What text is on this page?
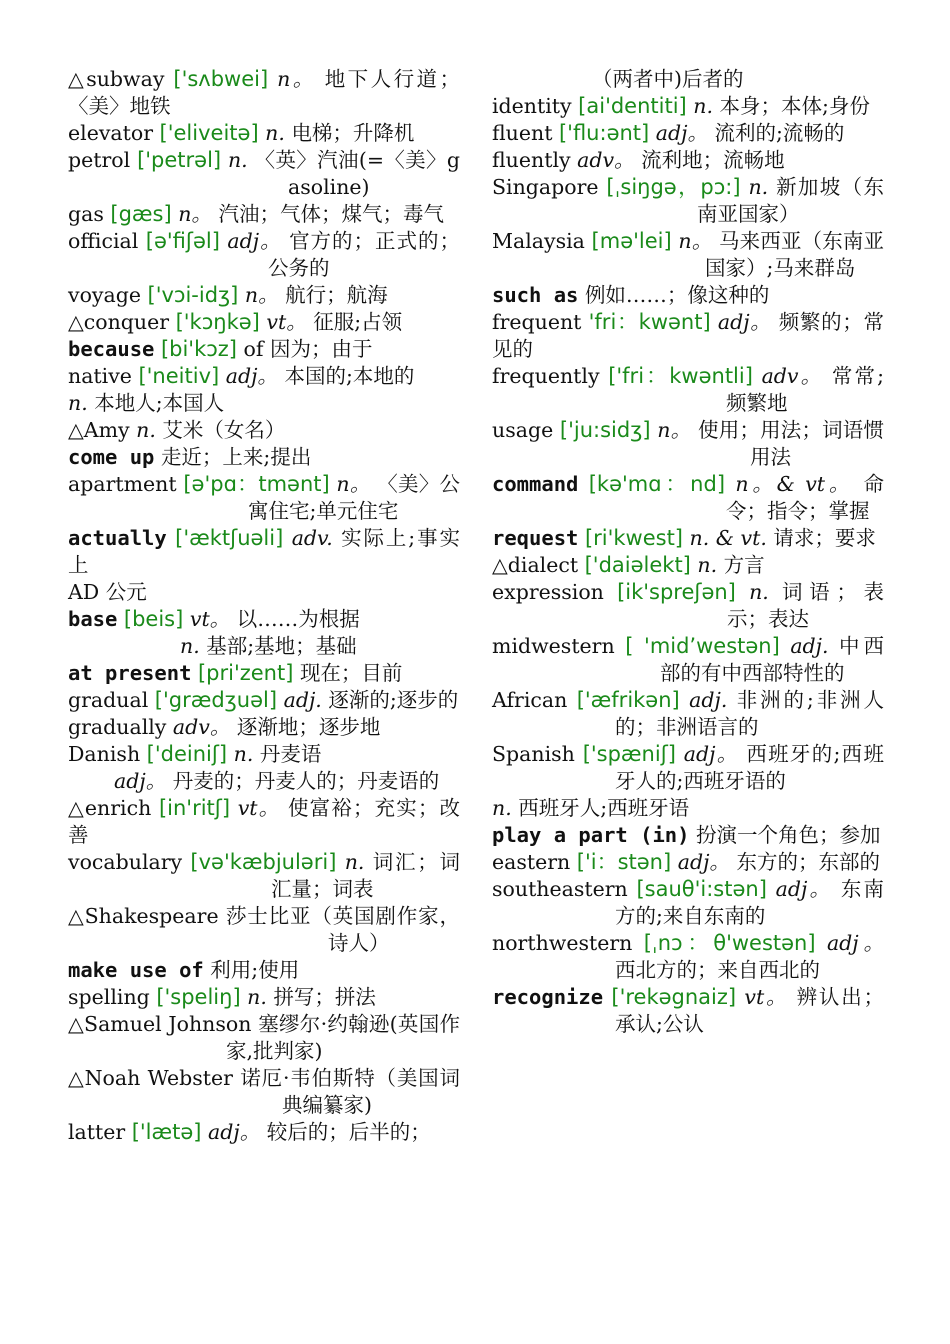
△subway ['sʌbwei] n。 地下人行道；〈美〉地铁

elevator ['eliveitə] n. 电梯；升降机

petrol ['petrəl] n. 〈英〉汽油(=〈美〉gasoline)

gas [gæs] n。 汽油；气体；煤气；毒气

official [ə'fiʃəl] adj。 官方的；正式的；公务的

voyage ['vɔi-idʒ] n。 航行；航海

△conquer ['kɔŋkə] vt。 征服;占领

because [bi'kɔz] of 因为；由于

native ['neitiv] adj。 本国的;本地的

n. 本地人;本国人

△Amy n. 艾米（女名）

come up 走近；上来;提出

apartment [ə'pɑ：tmənt] n。 〈美〉公寓住宅;单元住宅

actually ['æktʃuəli] adv. 实际上;事实上

AD 公元

base [beis] vt。 以……为根据

n. 基部;基地；基础

at present [pri'zent] 现在；目前

gradual ['grædʒuəl] adj. 逐渐的;逐步的

gradually adv。 逐渐地；逐步地

Danish ['deiniʃ] n. 丹麦语

adj。 丹麦的；丹麦人的；丹麦语的

△enrich [in'ritʃ] vt。 使富裕；充实；改善

vocabulary [və'kæbjuləri] n. 词汇；词汇量；词表

△Shakespeare 莎士比亚（英国剧作家，诗人）

make use of 利用;使用

spelling ['speliŋ] n. 拼写；拼法

△Samuel Johnson 塞缪尔·约翰逊(英国作家,批判家)

△Noah Webster 诺厄·韦伯斯特（美国词典编纂家)

latter ['lætə] adj。 较后的；后半的；

（两者中)后者的

identity [ai'dentiti] n. 本身；本体;身份

fluent ['flu:ənt] adj。 流利的;流畅的

fluently adv。 流利地；流畅地

Singapore [ˌsiŋgə，pɔ:] n. 新加坡（东南亚国家）

Malaysia [mə'lei] n。 马来西亚（东南亚国家）;马来群岛

such as 例如……；像这种的

frequent 'fri：kwənt] adj。 频繁的；常见的

frequently ['fri：kwəntli] adv。 常常;频繁地

usage ['ju:sidʒ] n。 使用；用法；词语惯用法

command [kə'mɑ：nd] n。& vt。 命令；指令；掌握

request [ri'kwest] n. & vt. 请求；要求

△dialect ['daiəlekt] n. 方言

expression [ik'spreʃən] n. 词语；表示；表达

midwestern [ 'mid’westən] adj. 中西部的有中西部特性的

African ['æfrikən] adj. 非洲的;非洲人的；非洲语言的

Spanish ['spæniʃ] adj。 西班牙的;西班牙人的;西班牙语的

n. 西班牙人;西班牙语

play a part (in) 扮演一个角色；参加

eastern ['i：stən] adj。 东方的；东部的

southeastern [sauθ'i:stən] adj。 东南方的;来自东南的

northwestern [ˌnɔ：θ'westən] adj。 西北方的；来自西北的

recognize ['rekəgnaiz] vt。 辨认出；承认;公认
